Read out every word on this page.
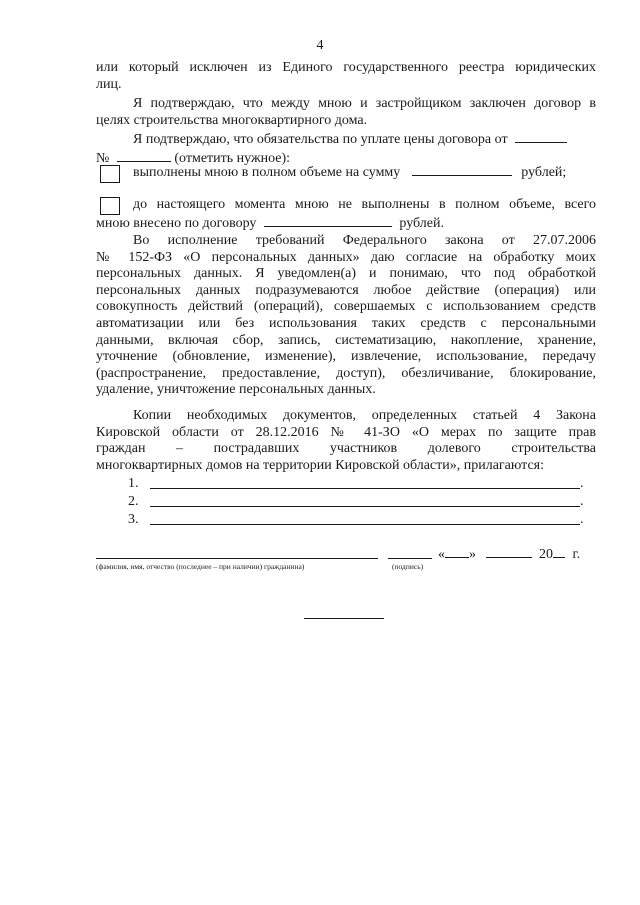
4
или который исключен из Единого государственного реестра юридических
лиц.
Я подтверждаю, что между мною и застройщиком заключен договор в
целях строительства многоквартирного дома.
Я подтверждаю, что обязательства по уплате цены договора от
№	(отметить нужное):
выполнены мною в полном объеме на сумму	рублей;
до настоящего момента мною не выполнены в полном объеме, всего
мною внесено по договору	рублей.
Во исполнение требований Федерального закона от 27.07.2006
№ 152-ФЗ «О персональных данных» даю согласие на обработку моих
персональных данных. Я уведомлен(а) и понимаю, что под обработкой
персональных данных подразумеваются любое действие (операция) или
совокупность действий (операций), совершаемых с использованием средств
автоматизации или без использования таких средств с персональными
данными, включая сбор, запись, систематизацию, накопление, хранение,
уточнение (обновление, изменение), извлечение, использование, передачу
(распространение, предоставление, доступ), обезличивание, блокирование,
удаление, уничтожение персональных данных.
Копии необходимых документов, определенных статьей 4 Закона
Кировской области от 28.12.2016 № 41-ЗО «О мерах по защите прав
граждан – пострадавших участников долевого строительства
многоквартирных домов на территории Кировской области», прилагаются:
1.	.
2.	.
3.	.
(фамилия, имя, отчество (последнее – при наличии) гражданина)	(подпись)
« »	20 г.
